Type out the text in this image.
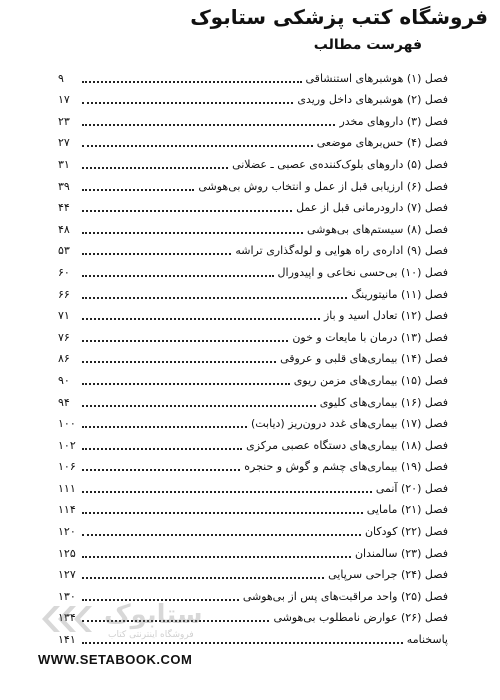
فروشگاه کتب پزشکی ستابوک
فهرست مطالب
فصل (۱) هوشبرهای استنشاقی
۹
فصل (۲) هوشبرهای داخل وریدی
۱۷
فصل (۳) داروهای مخدر
۲۳
فصل (۴) حس‌برهای موضعی
۲۷
فصل (۵) داروهای بلوک‌کننده‌ی عصبی ـ عضلانی
۳۱
فصل (۶) ارزیابی قبل از عمل و انتخاب روش بی‌هوشی
۳۹
فصل (۷) دارودرمانی قبل از عمل
۴۴
فصل (۸) سیستم‌های بی‌هوشی
۴۸
فصل (۹) اداره‌ی راه هوایی و لوله‌گذاری تراشه
۵۳
فصل (۱۰) بی‌حسی نخاعی و اپیدورال
۶۰
فصل (۱۱) مانیتورینگ
۶۶
فصل (۱۲) تعادل اسید و باز
۷۱
فصل (۱۳) درمان با مایعات و خون
۷۶
فصل (۱۴) بیماری‌های قلبی و عروقی
۸۶
فصل (۱۵) بیماری‌های مزمن ریوی
۹۰
فصل (۱۶) بیماری‌های کلیوی
۹۴
فصل (۱۷) بیماری‌های غدد درون‌ریز (دیابت)
۱۰۰
فصل (۱۸) بیماری‌های دستگاه عصبی مرکزی
۱۰۲
فصل (۱۹) بیماری‌های چشم و گوش و حنجره
۱۰۶
فصل (۲۰) آنمی
۱۱۱
فصل (۲۱) مامایی
۱۱۴
فصل (۲۲) کودکان
۱۲۰
فصل (۲۳) سالمندان
۱۲۵
فصل (۲۴) جراحی سرپایی
۱۲۷
فصل (۲۵) واحد مراقبت‌های پس از بی‌هوشی
۱۳۰
فصل (۲۶) عوارض نامطلوب بی‌هوشی
۱۳۴
پاسخنامه
۱۴۱
ستابوک
فروشگاه اینترنتی کتاب
WWW.SETABOOK.COM
